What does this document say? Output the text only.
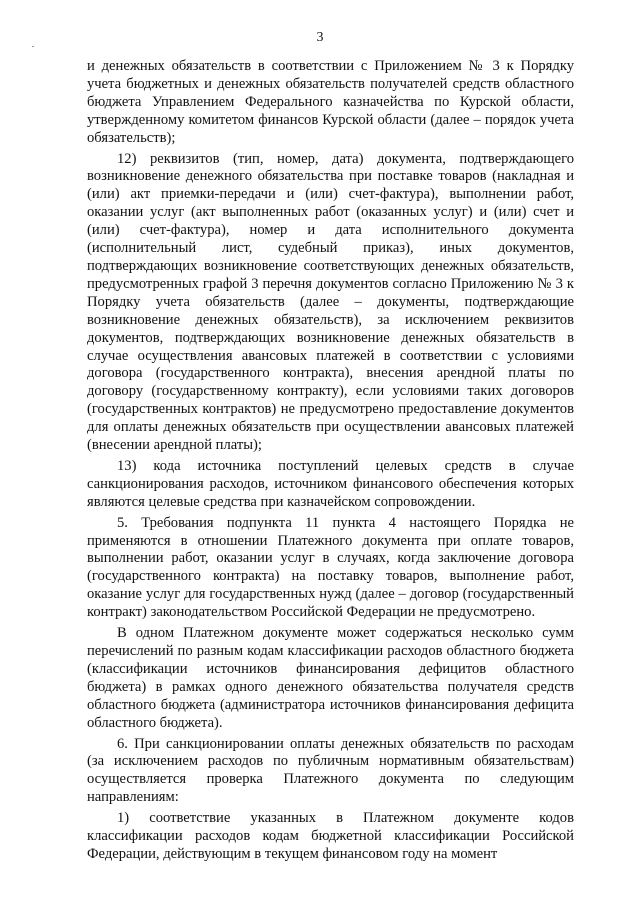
3

и денежных обязательств в соответствии с Приложением № 3 к Порядку учета бюджетных и денежных обязательств получателей средств областного бюджета Управлением Федерального казначейства по Курской области, утвержденному комитетом финансов Курской области (далее – порядок учета обязательств);

12) реквизитов (тип, номер, дата) документа, подтверждающего возникновение денежного обязательства при поставке товаров (накладная и (или) акт приемки-передачи и (или) счет-фактура), выполнении работ, оказании услуг (акт выполненных работ (оказанных услуг) и (или) счет и (или) счет-фактура), номер и дата исполнительного документа (исполнительный лист, судебный приказ), иных документов, подтверждающих возникновение соответствующих денежных обязательств, предусмотренных графой 3 перечня документов согласно Приложению № 3 к Порядку учета обязательств (далее – документы, подтверждающие возникновение денежных обязательств), за исключением реквизитов документов, подтверждающих возникновение денежных обязательств в случае осуществления авансовых платежей в соответствии с условиями договора (государственного контракта), внесения арендной платы по договору (государственному контракту), если условиями таких договоров (государственных контрактов) не предусмотрено предоставление документов для оплаты денежных обязательств при осуществлении авансовых платежей (внесении арендной платы);

13) кода источника поступлений целевых средств в случае санкционирования расходов, источником финансового обеспечения которых являются целевые средства при казначейском сопровождении.

5. Требования подпункта 11 пункта 4 настоящего Порядка не применяются в отношении Платежного документа при оплате товаров, выполнении работ, оказании услуг в случаях, когда заключение договора (государственного контракта) на поставку товаров, выполнение работ, оказание услуг для государственных нужд (далее – договор (государственный контракт) законодательством Российской Федерации не предусмотрено.

В одном Платежном документе может содержаться несколько сумм перечислений по разным кодам классификации расходов областного бюджета (классификации источников финансирования дефицитов областного бюджета) в рамках одного денежного обязательства получателя средств областного бюджета (администратора источников финансирования дефицита областного бюджета).

6. При санкционировании оплаты денежных обязательств по расходам (за исключением расходов по публичным нормативным обязательствам) осуществляется проверка Платежного документа по следующим направлениям:

1) соответствие указанных в Платежном документе кодов классификации расходов кодам бюджетной классификации Российской Федерации, действующим в текущем финансовом году на момент
